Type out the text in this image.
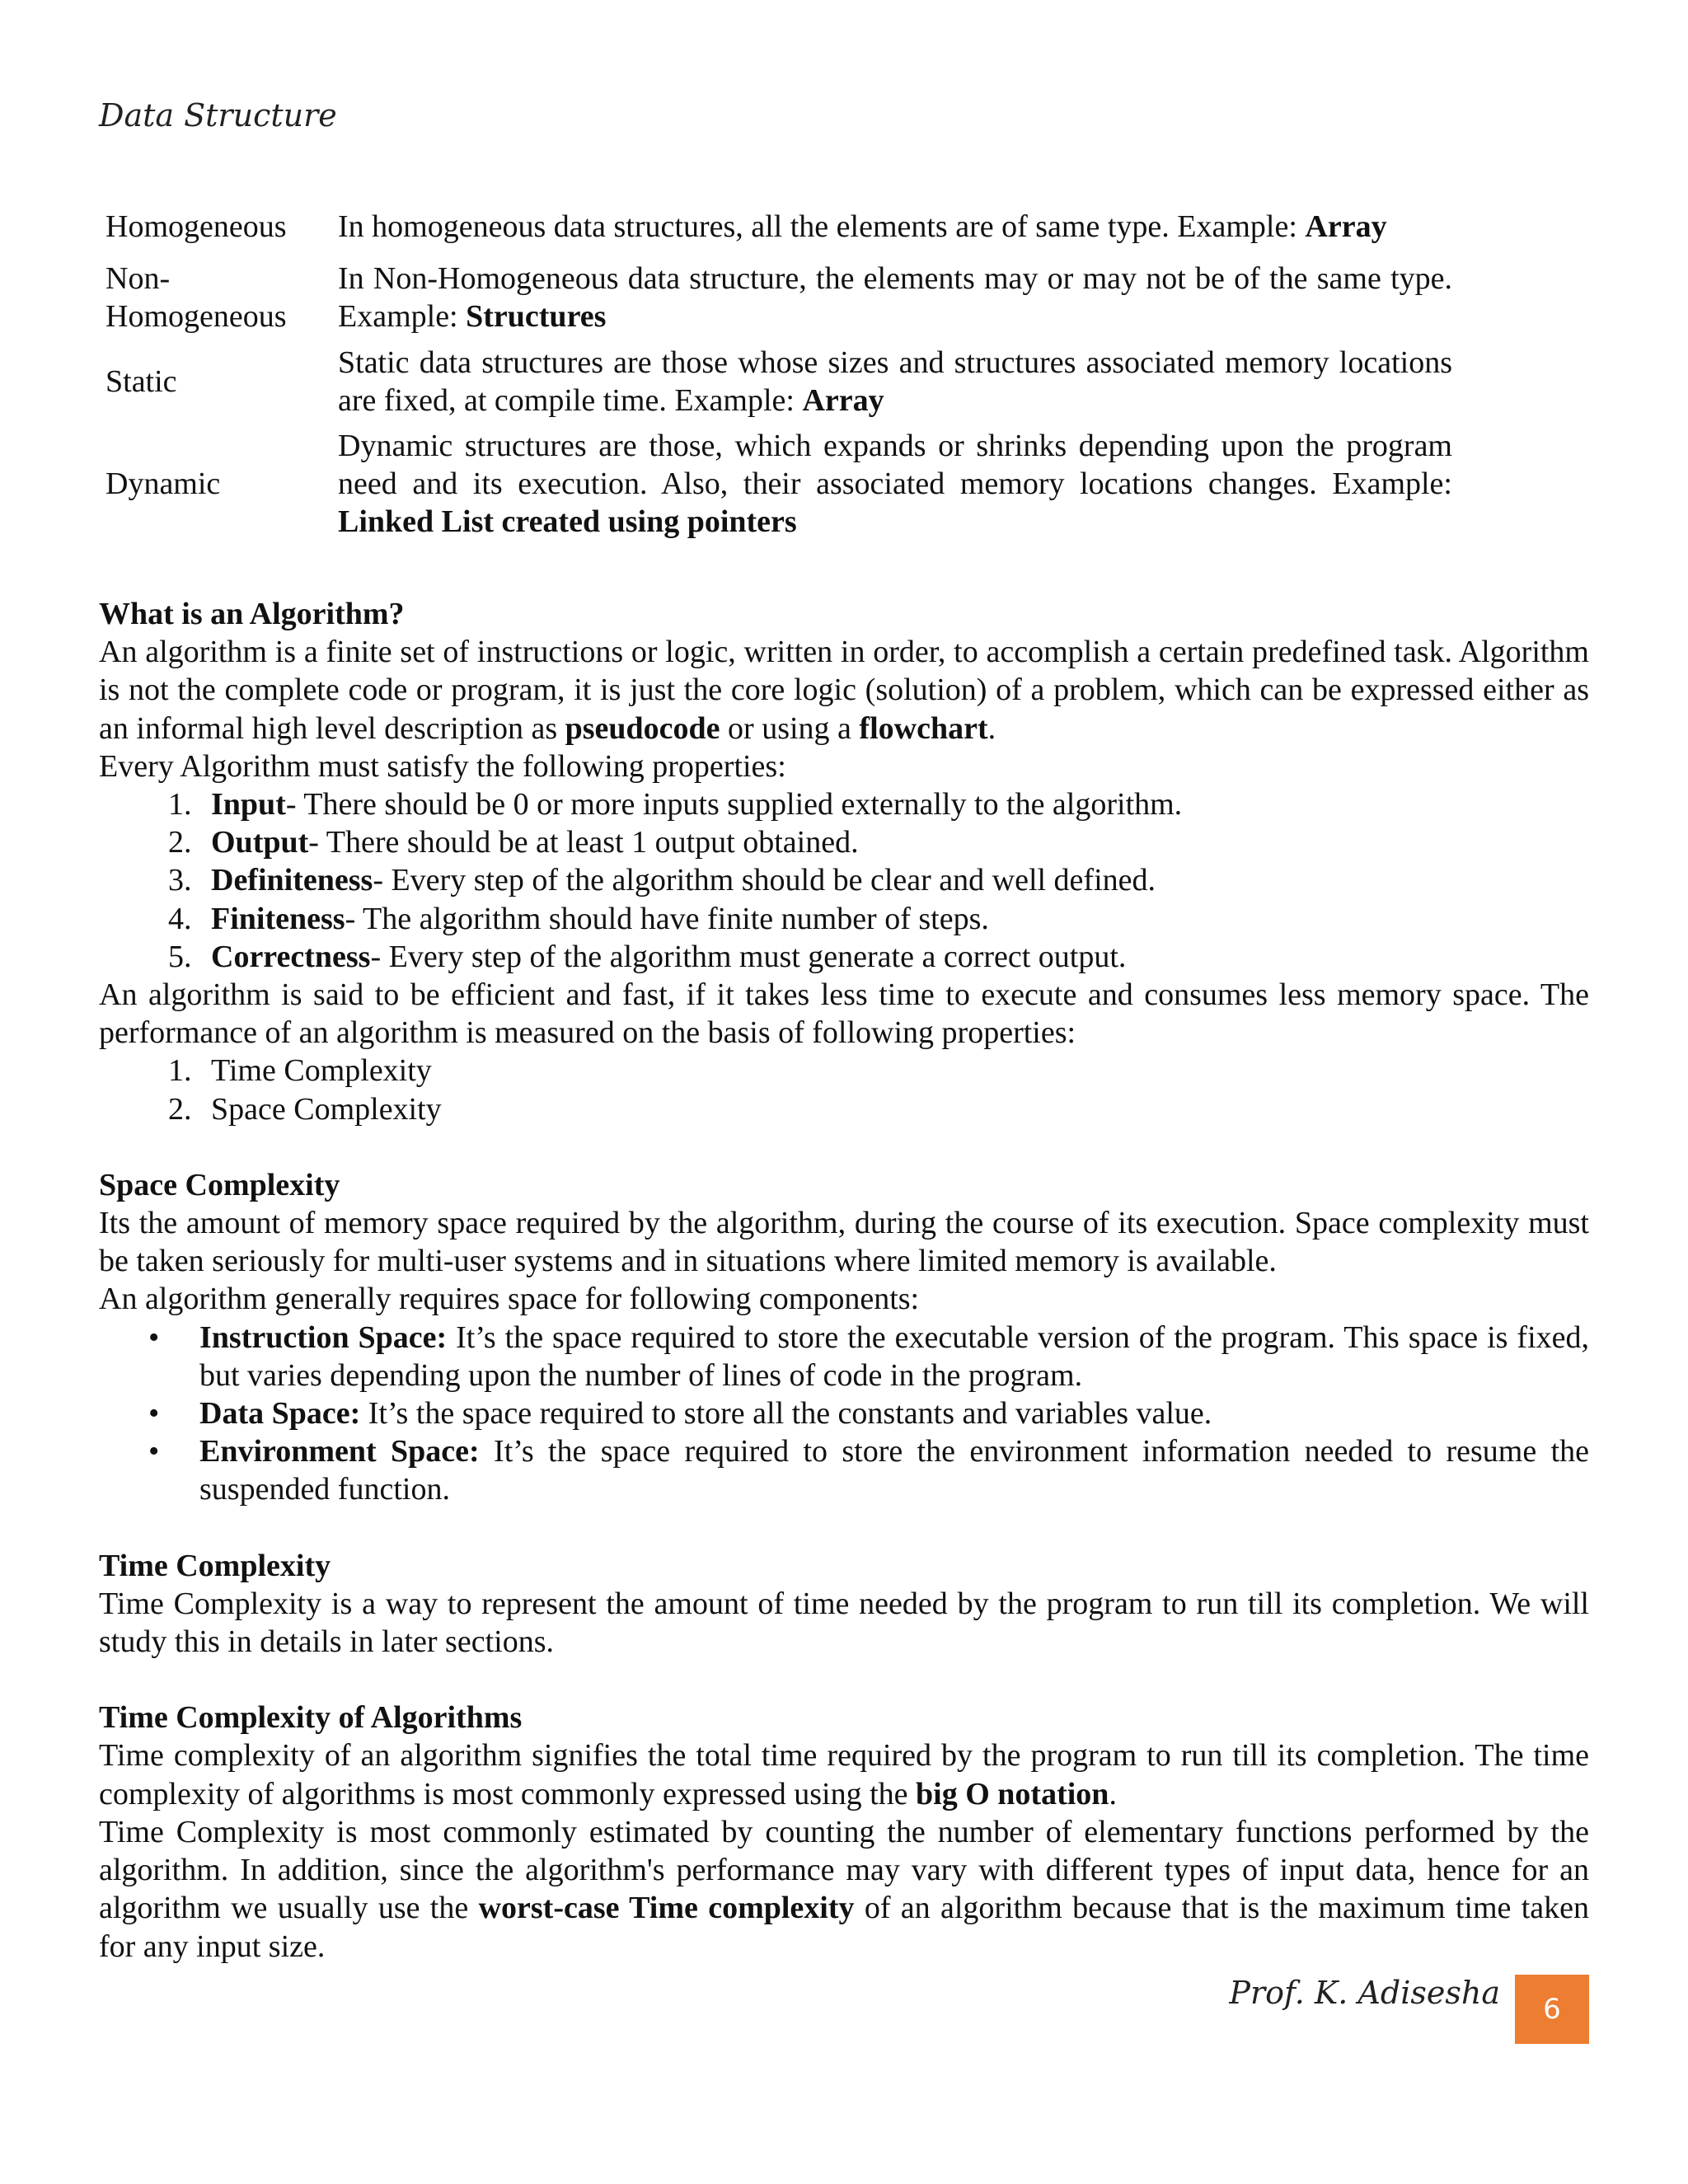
Data Structure
Homogeneous	In homogeneous data structures, all the elements are of same type. Example: Array
Non-Homogeneous	In Non-Homogeneous data structure, the elements may or may not be of the same type. Example: Structures
Static	Static data structures are those whose sizes and structures associated memory locations are fixed, at compile time. Example: Array
Dynamic	Dynamic structures are those, which expands or shrinks depending upon the program need and its execution. Also, their associated memory locations changes. Example: Linked List created using pointers
What is an Algorithm?

An algorithm is a finite set of instructions or logic, written in order, to accomplish a certain predefined task. Algorithm is not the complete code or program, it is just the core logic (solution) of a problem, which can be expressed either as an informal high level description as pseudocode or using a flowchart.

Every Algorithm must satisfy the following properties:

1. Input- There should be 0 or more inputs supplied externally to the algorithm.
2. Output- There should be at least 1 output obtained.
3. Definiteness- Every step of the algorithm should be clear and well defined.
4. Finiteness- The algorithm should have finite number of steps.
5. Correctness- Every step of the algorithm must generate a correct output.

An algorithm is said to be efficient and fast, if it takes less time to execute and consumes less memory space. The performance of an algorithm is measured on the basis of following properties:

1. Time Complexity
2. Space Complexity
Space Complexity

Its the amount of memory space required by the algorithm, during the course of its execution. Space complexity must be taken seriously for multi-user systems and in situations where limited memory is available.

An algorithm generally requires space for following components:

• Instruction Space: It’s the space required to store the executable version of the program. This space is fixed, but varies depending upon the number of lines of code in the program.
• Data Space: It’s the space required to store all the constants and variables value.
• Environment Space: It’s the space required to store the environment information needed to resume the suspended function.
Time Complexity

Time Complexity is a way to represent the amount of time needed by the program to run till its completion. We will study this in details in later sections.

Time Complexity of Algorithms

Time complexity of an algorithm signifies the total time required by the program to run till its completion. The time complexity of algorithms is most commonly expressed using the big O notation.

Time Complexity is most commonly estimated by counting the number of elementary functions performed by the algorithm. In addition, since the algorithm's performance may vary with different types of input data, hence for an algorithm we usually use the worst-case Time complexity of an algorithm because that is the maximum time taken for any input size.

Prof. K. Adisesha	6
